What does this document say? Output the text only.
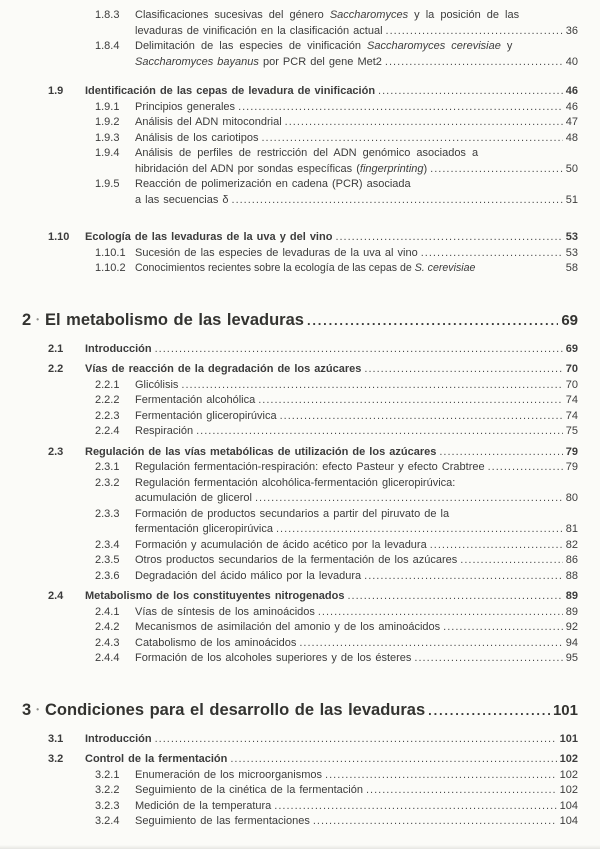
.....
1.8.3	Clasificaciones sucesivas del género Saccharomyces y la posición de las
levaduras de vinificación en la clasificación actual .....	36
1.8.4	Delimitación de las especies de vinificación Saccharomyces cerevisiae y
Saccharomyces bayanus por PCR del gene Met2 .....	40
1.9	Identificación de las cepas de levadura de vinificación .....	46
1.9.1	Principios generales .....	46
1.9.2	Análisis del ADN mitocondrial .....	47
1.9.3	Análisis de los cariotipos .....	48
1.9.4	Análisis de perfiles de restricción del ADN genómico asociados a
hibridación del ADN por sondas específicas (fingerprinting) .....	50
1.9.5	Reacción de polimerización en cadena (PCR) asociada
a las secuencias δ .....	51
1.10	Ecología de las levaduras de la uva y del vino .....	53
1.10.1 Sucesión de las especies de levaduras de la uva al vino .....	53
1.10.2 Conocimientos recientes sobre la ecología de las cepas de S. cerevisiae	58
2 • El metabolismo de las levaduras .....	69
2.1	Introducción .....	69
2.2	Vías de reacción de la degradación de los azúcares .....	70
2.2.1	Glicólisis .....	70
2.2.2	Fermentación alcohólica .....	74
2.2.3	Fermentación gliceropirúvica .....	74
2.2.4	Respiración .....	75
2.3	Regulación de las vías metabólicas de utilización de los azúcares .....	79
2.3.1	Regulación fermentación-respiración: efecto Pasteur y efecto Crabtree .....	79
2.3.2	Regulación fermentación alcohólica-fermentación gliceropirúvica:
acumulación de glicerol .....	80
2.3.3	Formación de productos secundarios a partir del piruvato de la
fermentación gliceropirúvica .....	81
2.3.4	Formación y acumulación de ácido acético por la levadura .....	82
2.3.5	Otros productos secundarios de la fermentación de los azúcares .....	86
2.3.6	Degradación del ácido málico por la levadura .....	88
2.4	Metabolismo de los constituyentes nitrogenados .....	89
2.4.1	Vías de síntesis de los aminoácidos .....	89
2.4.2	Mecanismos de asimilación del amonio y de los aminoácidos .....	92
2.4.3	Catabolismo de los aminoácidos .....	94
2.4.4	Formación de los alcoholes superiores y de los ésteres .....	95
3 • Condiciones para el desarrollo de las levaduras .....	101
3.1	Introducción .....	101
3.2	Control de la fermentación .....	102
3.2.1	Enumeración de los microorganismos .....	102
3.2.2	Seguimiento de la cinética de la fermentación .....	102
3.2.3	Medición de la temperatura .....	104
3.2.4	Seguimiento de las fermentaciones .....	104
